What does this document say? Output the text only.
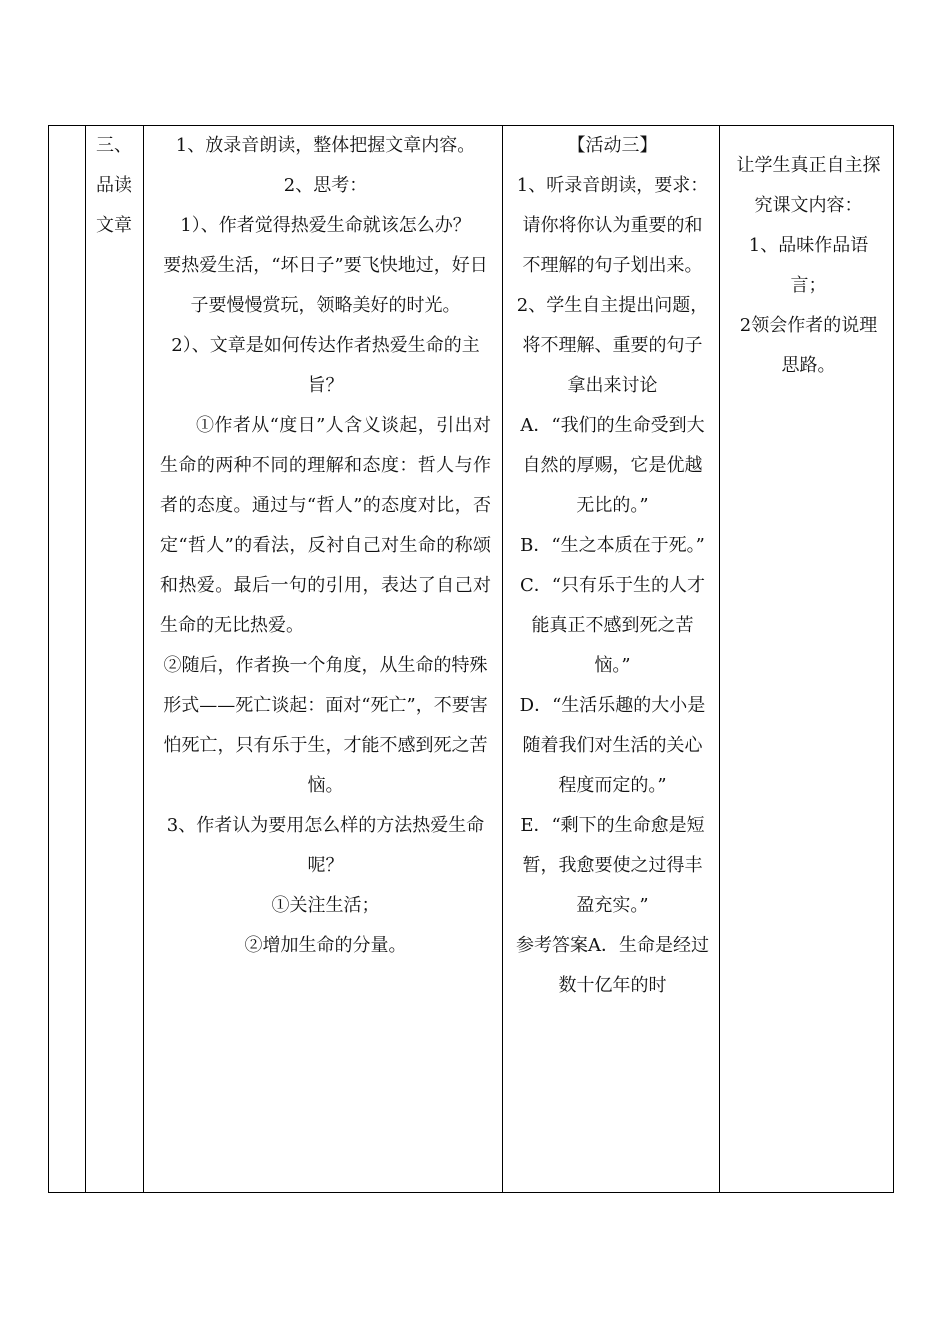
三、

品读

文章

1、放录音朗读，整体把握文章内容。

2、思考：

1）、作者觉得热爱生命就该怎么办？

要热爱生活，“坏日子”要飞快地过，好日子要慢慢赏玩，领略美好的时光。

2）、文章是如何传达作者热爱生命的主旨？

①作者从“度日”人含义谈起，引出对生命的两种不同的理解和态度：哲人与作者的态度。通过与“哲人”的态度对比，否定“哲人”的看法，反衬自己对生命的称颂和热爱。最后一句的引用，表达了自己对生命的无比热爱。

②随后，作者换一个角度，从生命的特殊形式——死亡谈起：面对“死亡”，不要害怕死亡，只有乐于生，才能不感到死之苦恼。

3、作者认为要用怎么样的方法热爱生命呢？

①关注生活；

②增加生命的分量。

【活动三】

1、听录音朗读，要求：请你将你认为重要的和不理解的句子划出来。

2、学生自主提出问题，将不理解、重要的句子拿出来讨论

A．“我们的生命受到大自然的厚赐，它是优越无比的。”

B．“生之本质在于死。”

C．“只有乐于生的人才能真正不感到死之苦恼。”

D．“生活乐趣的大小是随着我们对生活的关心程度而定的。”

E．“剩下的生命愈是短暂，我愈要使之过得丰盈充实。”

参考答案A．生命是经过数十亿年的时

让学生真正自主探究课文内容：

1、品味作品语言；

2领会作者的说理思路。
